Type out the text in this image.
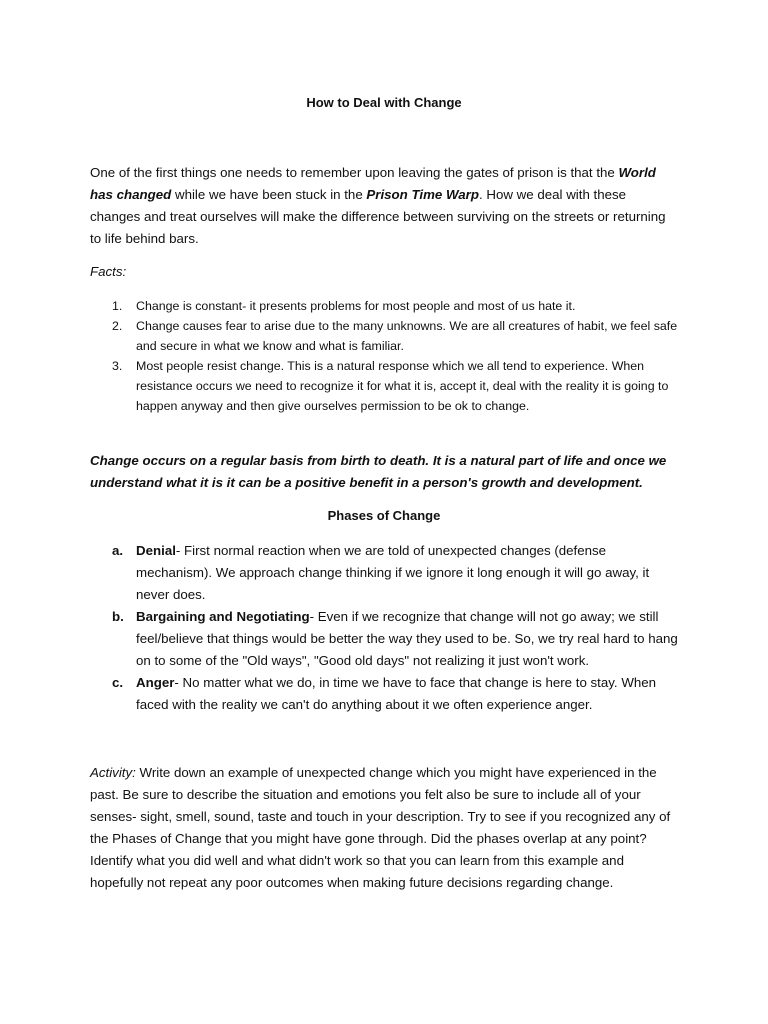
How to Deal with Change

One of the first things one needs to remember upon leaving the gates of prison is that the World has changed while we have been stuck in the Prison Time Warp. How we deal with these changes and treat ourselves will make the difference between surviving on the streets or returning to life behind bars.

Facts:
1. Change is constant- it presents problems for most people and most of us hate it.
2. Change causes fear to arise due to the many unknowns. We are all creatures of habit, we feel safe and secure in what we know and what is familiar.
3. Most people resist change. This is a natural response which we all tend to experience. When resistance occurs we need to recognize it for what it is, accept it, deal with the reality it is going to happen anyway and then give ourselves permission to be ok to change.

Change occurs on a regular basis from birth to death. It is a natural part of life and once we understand what it is it can be a positive benefit in a person's growth and development.

Phases of Change
a. Denial- First normal reaction when we are told of unexpected changes (defense mechanism). We approach change thinking if we ignore it long enough it will go away, it never does.
b. Bargaining and Negotiating- Even if we recognize that change will not go away; we still feel/believe that things would be better the way they used to be. So, we try real hard to hang on to some of the "Old ways", "Good old days" not realizing it just won't work.
c. Anger- No matter what we do, in time we have to face that change is here to stay. When faced with the reality we can't do anything about it we often experience anger.

Activity: Write down an example of unexpected change which you might have experienced in the past. Be sure to describe the situation and emotions you felt also be sure to include all of your senses- sight, smell, sound, taste and touch in your description. Try to see if you recognized any of the Phases of Change that you might have gone through. Did the phases overlap at any point? Identify what you did well and what didn't work so that you can learn from this example and hopefully not repeat any poor outcomes when making future decisions regarding change.
